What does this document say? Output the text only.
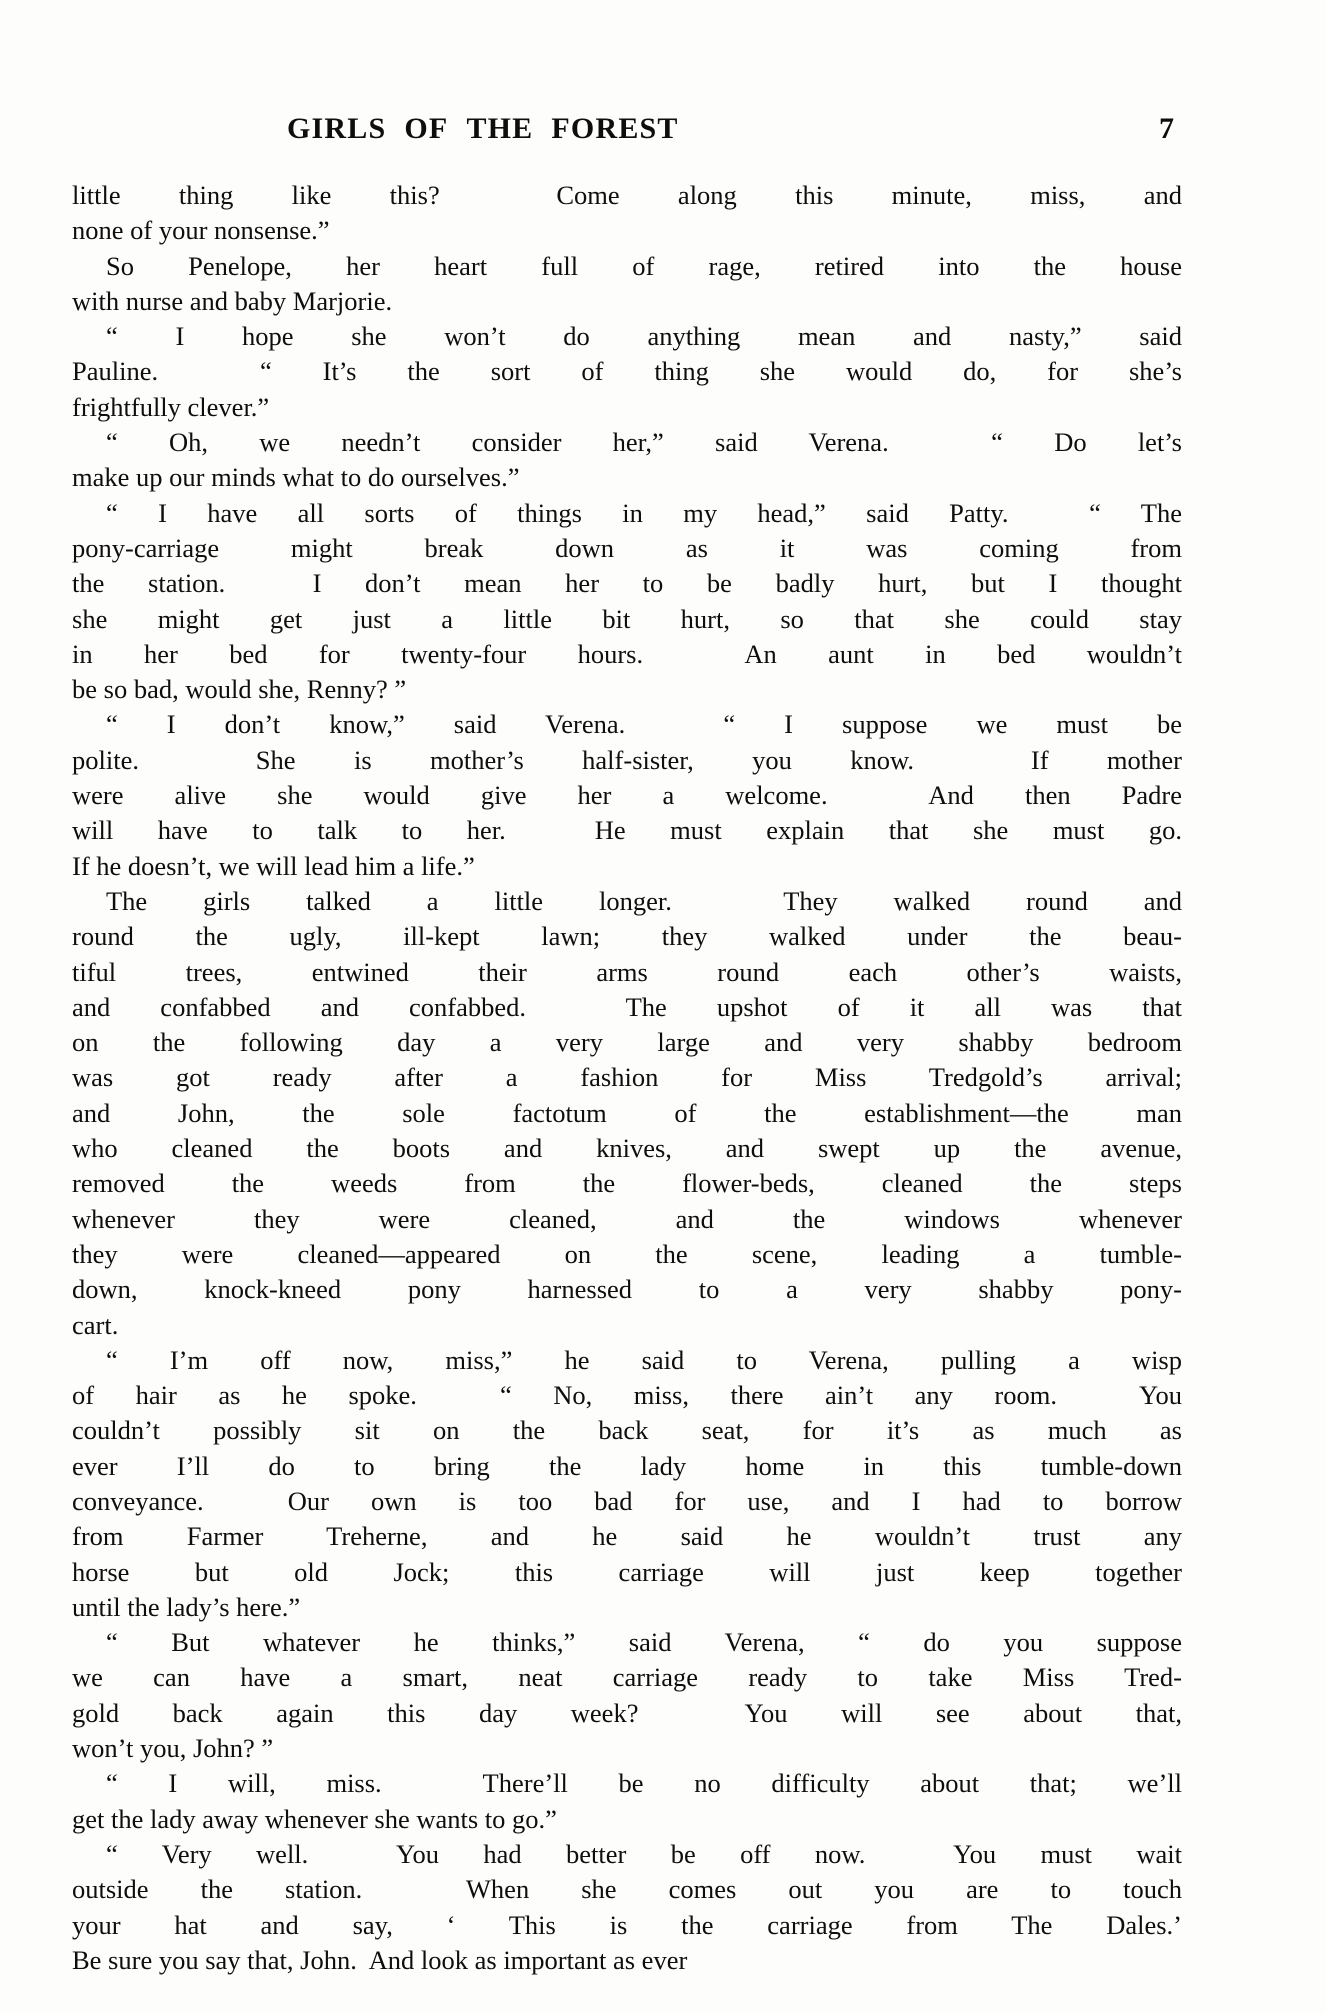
GIRLS OF THE FOREST	7
little thing like this?  Come along this minute, miss, and
none of your nonsense.”
So Penelope, her heart full of rage, retired into the house
with nurse and baby Marjorie.
“ I hope she won’t do anything mean and nasty,” said
Pauline.  “ It’s the sort of thing she would do, for she’s
frightfully clever.”
“ Oh, we needn’t consider her,” said Verena.  “ Do let’s
make up our minds what to do ourselves.”
“ I have all sorts of things in my head,” said Patty.  “ The
pony-carriage might break down as it was coming from
the station.  I don’t mean her to be badly hurt, but I thought
she might get just a little bit hurt, so that she could stay
in her bed for twenty-four hours.  An aunt in bed wouldn’t
be so bad, would she, Renny? ”
“ I don’t know,” said Verena.  “ I suppose we must be
polite.  She is mother’s half-sister, you know.  If mother
were alive she would give her a welcome.  And then Padre
will have to talk to her.  He must explain that she must go.
If he doesn’t, we will lead him a life.”
The girls talked a little longer.  They walked round and
round the ugly, ill-kept lawn; they walked under the beau-
tiful trees, entwined their arms round each other’s waists,
and confabbed and confabbed.  The upshot of it all was that
on the following day a very large and very shabby bedroom
was got ready after a fashion for Miss Tredgold’s arrival;
and John, the sole factotum of the establishment—the man
who cleaned the boots and knives, and swept up the avenue,
removed the weeds from the flower-beds, cleaned the steps
whenever they were cleaned, and the windows whenever
they were cleaned—appeared on the scene, leading a tumble-
down, knock-kneed pony harnessed to a very shabby pony-
cart.
“ I’m off now, miss,” he said to Verena, pulling a wisp
of hair as he spoke.  “ No, miss, there ain’t any room.  You
couldn’t possibly sit on the back seat, for it’s as much as
ever I’ll do to bring the lady home in this tumble-down
conveyance.  Our own is too bad for use, and I had to borrow
from Farmer Treherne, and he said he wouldn’t trust any
horse but old Jock; this carriage will just keep together
until the lady’s here.”
“ But whatever he thinks,” said Verena, “ do you suppose
we can have a smart, neat carriage ready to take Miss Tred-
gold back again this day week?  You will see about that,
won’t you, John? ”
“ I will, miss.  There’ll be no difficulty about that; we’ll
get the lady away whenever she wants to go.”
“ Very well.  You had better be off now.  You must wait
outside the station.  When she comes out you are to touch
your hat and say, ‘ This is the carriage from The Dales.’
Be sure you say that, John.  And look as important as ever
